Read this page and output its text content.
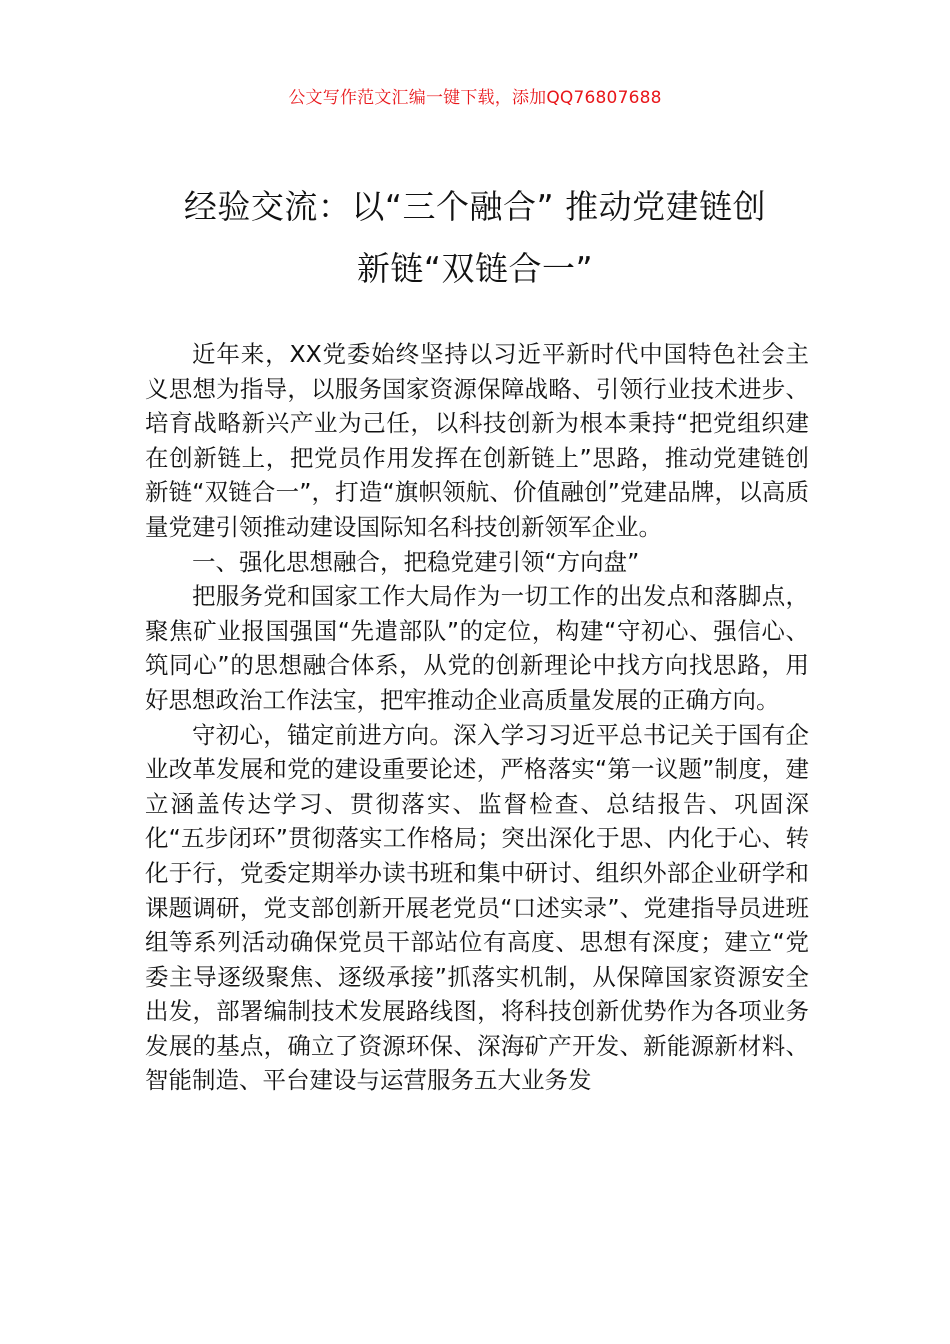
公文写作范文汇编一键下载，添加QQ76807688
经验交流：以“三个融合” 推动党建链创
新链“双链合一”

近年来，XX党委始终坚持以习近平新时代中国特色社会主义思想为指导，以服务国家资源保障战略、引领行业技术进步、培育战略新兴产业为己任，以科技创新为根本秉持“把党组织建在创新链上，把党员作用发挥在创新链上”思路，推动党建链创新链“双链合一”，打造“旗帜领航、价值融创”党建品牌，以高质量党建引领推动建设国际知名科技创新领军企业。

一、强化思想融合，把稳党建引领“方向盘”

把服务党和国家工作大局作为一切工作的出发点和落脚点，聚焦矿业报国强国“先遣部队”的定位，构建“守初心、强信心、筑同心”的思想融合体系，从党的创新理论中找方向找思路，用好思想政治工作法宝，把牢推动企业高质量发展的正确方向。

守初心，锚定前进方向。深入学习习近平总书记关于国有企业改革发展和党的建设重要论述，严格落实“第一议题”制度，建立涵盖传达学习、贯彻落实、监督检查、总结报告、巩固深化“五步闭环”贯彻落实工作格局；突出深化于思、内化于心、转化于行，党委定期举办读书班和集中研讨、组织外部企业研学和课题调研，党支部创新开展老党员“口述实录”、党建指导员进班组等系列活动确保党员干部站位有高度、思想有深度；建立“党委主导逐级聚焦、逐级承接”抓落实机制，从保障国家资源安全出发，部署编制技术发展路线图，将科技创新优势作为各项业务发展的基点，确立了资源环保、深海矿产开发、新能源新材料、智能制造、平台建设与运营服务五大业务发
